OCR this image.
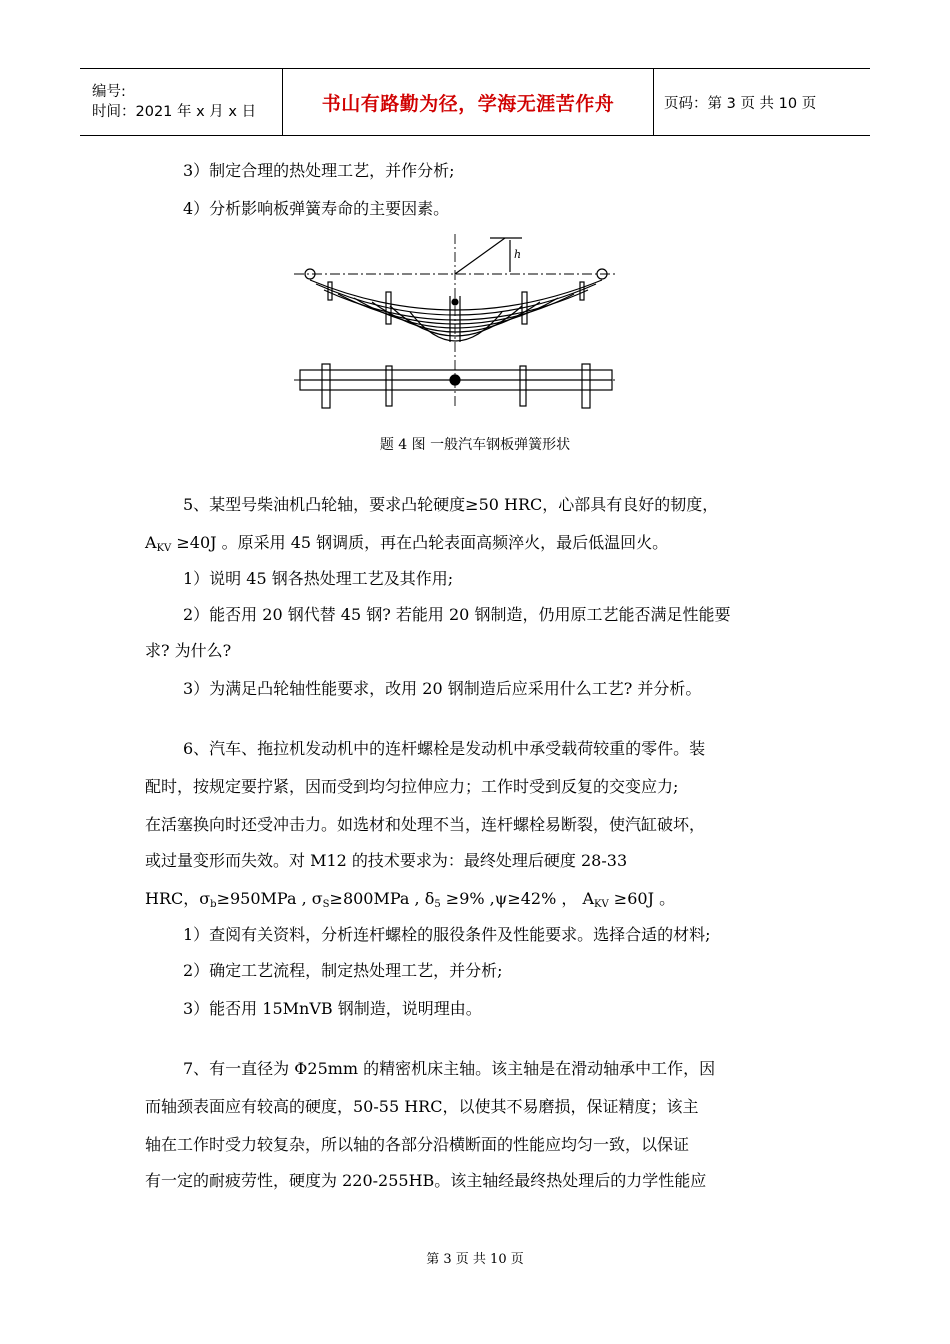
编号:
时间：2021 年 x 月 x 日	书山有路勤为径，学海无涯苦作舟	页码：第 3 页 共 10 页
3）制定合理的热处理工艺，并作分析;
4）分析影响板弹簧寿命的主要因素。
h
题 4 图 一般汽车钢板弹簧形状
5、某型号柴油机凸轮轴，要求凸轮硬度≥50 HRC，心部具有良好的韧度，
AKV ≥40J 。原采用 45 钢调质，再在凸轮表面高频淬火，最后低温回火。
1）说明 45 钢各热处理工艺及其作用;
2）能否用 20 钢代替 45 钢? 若能用 20 钢制造，仍用原工艺能否满足性能要
求? 为什么?
3）为满足凸轮轴性能要求，改用 20 钢制造后应采用什么工艺? 并分析。
6、汽车、拖拉机发动机中的连杆螺栓是发动机中承受载荷较重的零件。装
配时，按规定要拧紧，因而受到均匀拉伸应力；工作时受到反复的交变应力;
在活塞换向时还受冲击力。如选材和处理不当，连杆螺栓易断裂，使汽缸破坏，
或过量变形而失效。对 M12 的技术要求为：最终处理后硬度 28-33
HRC，σb≥950MPa , σS≥800MPa , δ5 ≥9% ,ψ≥42% ， AKV ≥60J 。
1）查阅有关资料，分析连杆螺栓的服役条件及性能要求。选择合适的材料;
2）确定工艺流程，制定热处理工艺，并分析;
3）能否用 15MnVB 钢制造，说明理由。
7、有一直径为 Φ25mm 的精密机床主轴。该主轴是在滑动轴承中工作，因
而轴颈表面应有较高的硬度，50-55 HRC，以使其不易磨损，保证精度；该主
轴在工作时受力较复杂，所以轴的各部分沿横断面的性能应均匀一致，以保证
有一定的耐疲劳性，硬度为 220-255HB。该主轴经最终热处理后的力学性能应
第 3 页 共 10 页
